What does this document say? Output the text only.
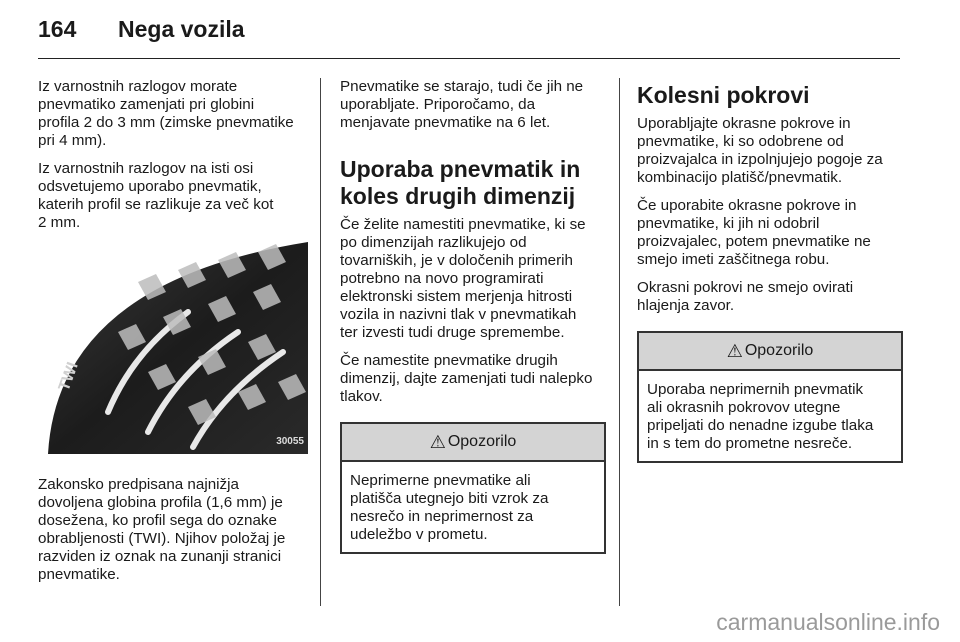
164 Nega vozila

Iz varnostnih razlogov morate
pnevmatiko zamenjati pri globini
profila 2 do 3 mm (zimske pnevmatike
pri 4 mm).

Iz varnostnih razlogov na isti osi
odsvetujemo uporabo pnevmatik,
katerih profil se razlikuje za več kot
2 mm.

TWI
30055

Zakonsko predpisana najnižja
dovoljena globina profila (1,6 mm) je
dosežena, ko profil sega do oznake
obrabljenosti (TWI). Njihov položaj je
razviden iz oznak na zunanji stranici
pnevmatike.

Pnevmatike se starajo, tudi če jih ne
uporabljate. Priporočamo, da
menjavate pnevmatike na 6 let.

Uporaba pnevmatik in
koles drugih dimenzij

Če želite namestiti pnevmatike, ki se
po dimenzijah razlikujejo od
tovarniških, je v določenih primerih
potrebno na novo programirati
elektronski sistem merjenja hitrosti
vozila in nazivni tlak v pnevmatikah
ter izvesti tudi druge spremembe.

Če namestite pnevmatike drugih
dimenzij, dajte zamenjati tudi nalepko
tlakov.

⚠ Opozorilo
Neprimerne pnevmatike ali
platišča utegnejo biti vzrok za
nesrečo in neprimernost za
udeležbo v prometu.
Kolesni pokrovi

Uporabljajte okrasne pokrove in
pnevmatike, ki so odobrene od
proizvajalca in izpolnjujejo pogoje za
kombinacijo platišč/pnevmatik.

Če uporabite okrasne pokrove in
pnevmatike, ki jih ni odobril
proizvajalec, potem pnevmatike ne
smejo imeti zaščitnega robu.

Okrasni pokrovi ne smejo ovirati
hlajenja zavor.

⚠ Opozorilo
Uporaba neprimernih pnevmatik
ali okrasnih pokrovov utegne
pripeljati do nenadne izgube tlaka
in s tem do prometne nesreče.
carmanualsonline.info
